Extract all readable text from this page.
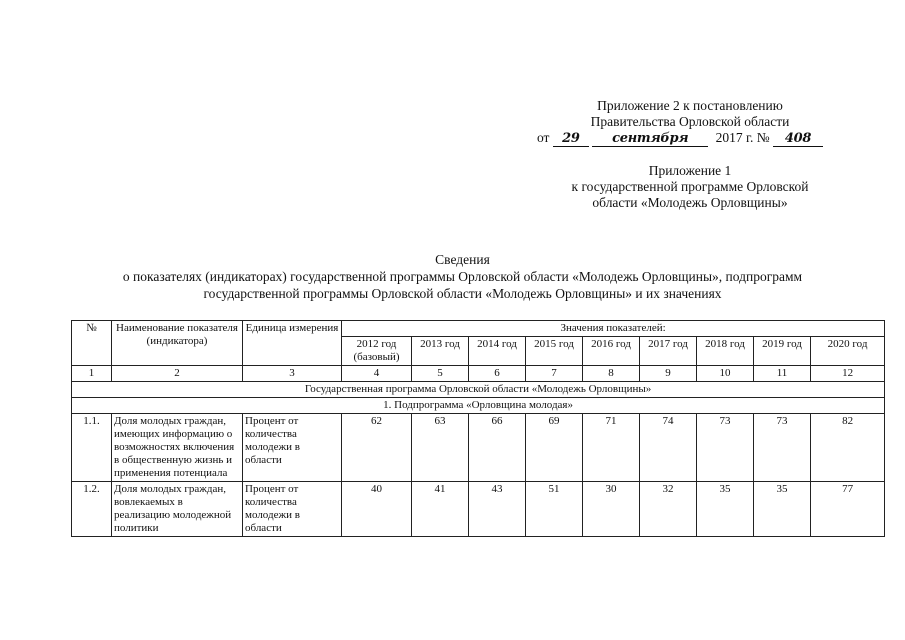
Приложение 2 к постановлению
Правительства Орловской области
от 29	сентября 2017 г. № 408
Приложение 1
к государственной программе Орловской
области «Молодежь Орловщины»
Сведения
о показателях (индикаторах) государственной программы Орловской области «Молодежь Орловщины», подпрограмм
государственной программы Орловской области «Молодежь Орловщины» и их значениях
№	Наименование показателя (индикатора)	Единица измерения	Значения показателей:								
			2012 год (базовый)	2013 год	2014 год	2015 год	2016 год	2017 год	2018 год	2019 год	2020 год
1	2	3	4	5	6	7	8	9	10	11	12
Государственная программа Орловской области «Молодежь Орловщины»											
1. Подпрограмма «Орловщина молодая»											
1.1.	Доля молодых граждан, имеющих информацию о возможностях включения в общественную жизнь и применения потенциала	Процент от количества молодежи в области	62	63	66	69	71	74	73	73	82
1.2.	Доля молодых граждан, вовлекаемых в реализацию молодежной политики	Процент от количества молодежи в области	40	41	43	51	30	32	35	35	77
